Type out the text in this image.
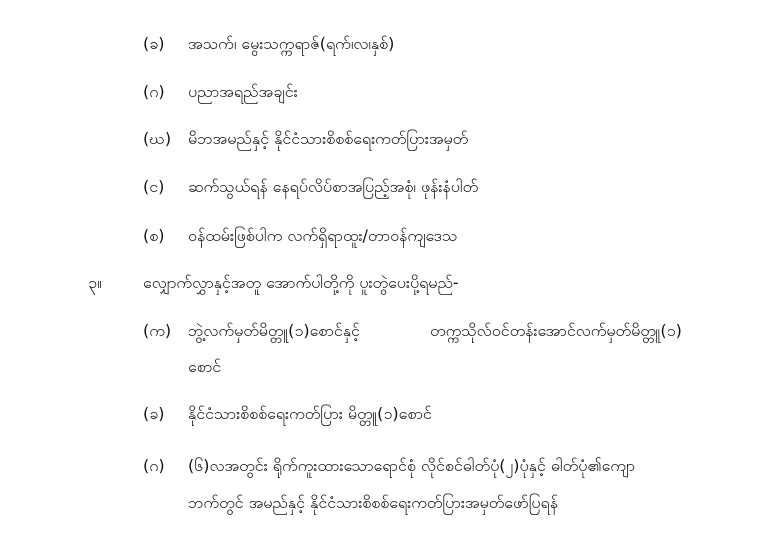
(ခ) အသက်၊ မွေးသက္ကရာဇ်(ရက်၊လ၊နှစ်)
(ဂ) ပညာအရည်အချင်း
(ဃ) မိဘအမည်နှင့် နိုင်ငံသားစိစစ်ရေးကတ်ပြားအမှတ်
(င) ဆက်သွယ်ရန် နေရပ်လိပ်စာအပြည့်အစုံ၊ ဖုန်းနံပါတ်
(စ) ဝန်ထမ်းဖြစ်ပါက လက်ရှိရာထူး/တာဝန်ကျဒေသ
၃။	လျှောက်လွှာနှင့်အတူ အောက်ပါတို့ကို ပူးတွဲပေးပို့ရမည်-
(က) ဘွဲ့လက်မှတ်မိတ္တူ(၁)စောင်နှင့်	တက္ကသိုလ်ဝင်တန်းအောင်လက်မှတ်မိတ္တူ(၁)
စောင်
(ခ) နိုင်ငံသားစိစစ်ရေးကတ်ပြား မိတ္တူ(၁)စောင်
(ဂ) (၆)လအတွင်း ရိုက်ကူးထားသောရောင်စုံ လိုင်စင်ဓါတ်ပုံ(၂)ပုံနှင့် ဓါတ်ပုံ၏ကျော
ဘက်တွင် အမည်နှင့် နိုင်ငံသားစိစစ်ရေးကတ်ပြားအမှတ်ဖော်ပြရန်
